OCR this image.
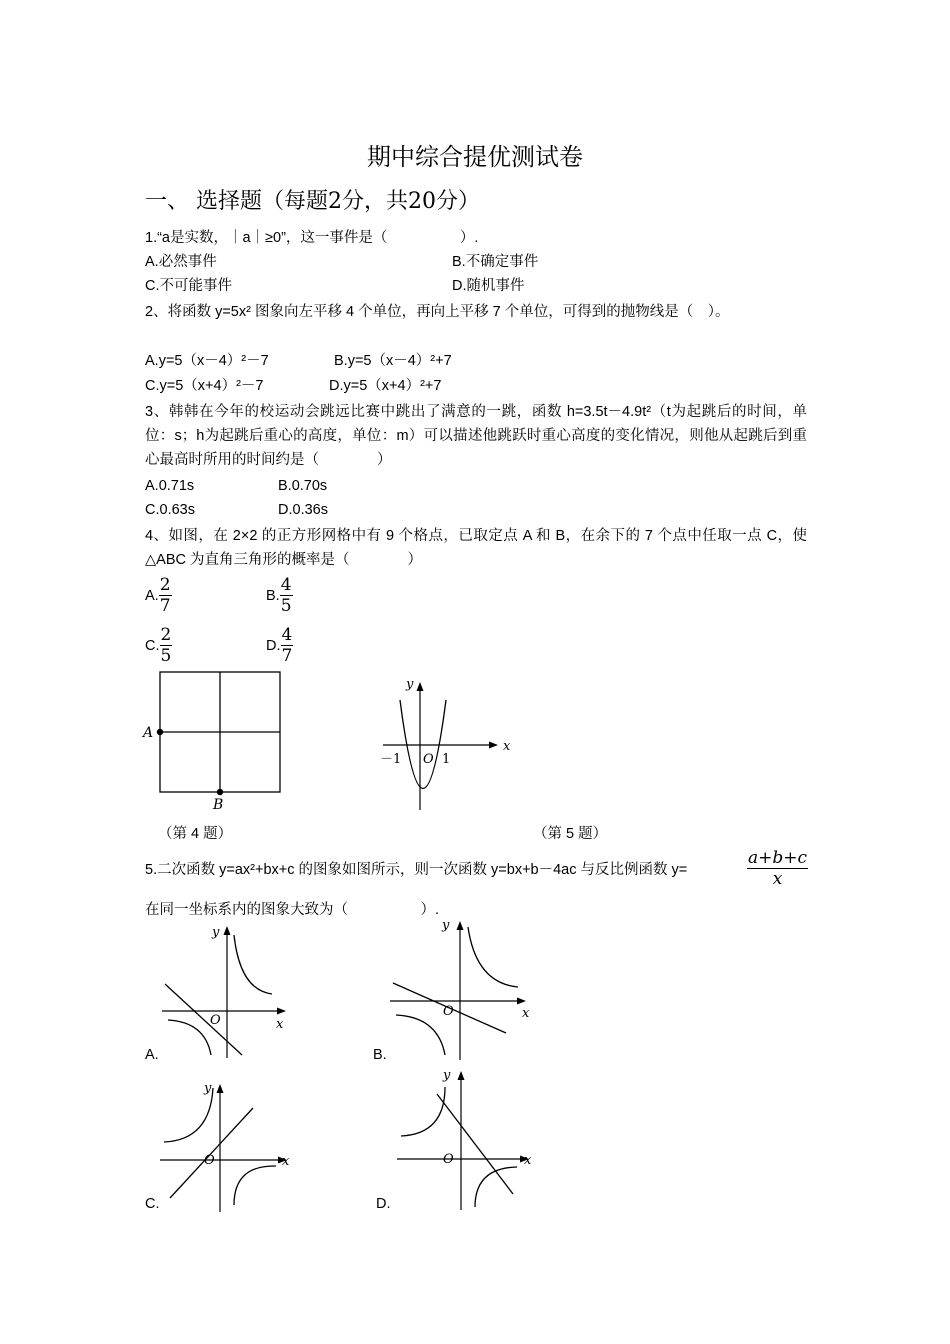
期中综合提优测试卷
一、 选择题（每题2分，共20分）
1.“a是实数，｜a｜≥0”，这一事件是（　　　　　）.
A.必然事件	B.不确定事件
C.不可能事件	D.随机事件
2、将函数 y=5x² 图象向左平移 4 个单位，再向上平移 7 个单位，可得到的抛物线是（　）。
A.y=5（x－4）²－7	B.y=5（x－4）²+7
C.y=5（x+4）²－7	D.y=5（x+4）²+7
3、韩韩在今年的校运动会跳远比赛中跳出了满意的一跳，函数 h=3.5t－4.9t²（t为起跳后的时间，单位：s；h为起跳后重心的高度，单位：m）可以描述他跳跃时重心高度的变化情况，则他从起跳后到重心最高时所用的时间约是（　　　　）
A.0.71s	B.0.70s
C.0.63s	D.0.36s
4、如图，在 2×2 的正方形网格中有 9 个格点，已取定点 A 和 B，在余下的 7 个点中任取一点 C，使△ABC 为直角三角形的概率是（　　　　）
A. $\frac{2}{7}$	B. $\frac{4}{5}$
C. $\frac{2}{5}$	D. $\frac{4}{7}$
A
B
y
x
O
－1	1
（第 4 题）	（第 5 题）
5.二次函数 y=ax²+bx+c 的图象如图所示，则一次函数 y=bx+b－4ac 与反比例函数 y=	$\frac{a+b+c}{x}$
在同一坐标系内的图象大致为（　　　　　）.
y
x
O
A.
y
x
O
B.
y
x
O
C.
y
x
O
D.
